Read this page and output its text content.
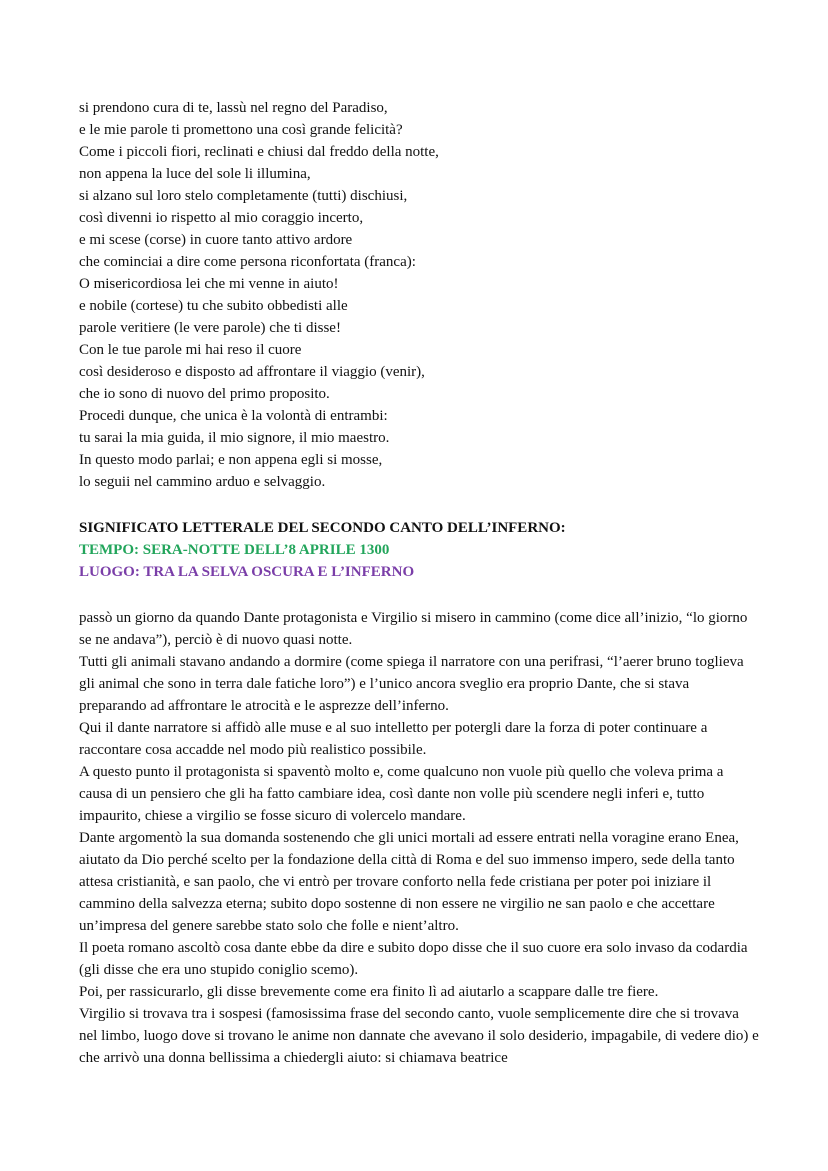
si prendono cura di te, lassù nel regno del Paradiso,

e le mie parole ti promettono una così grande felicità?

Come i piccoli fiori, reclinati e chiusi dal freddo della notte,

non appena la luce del sole li illumina,

si alzano sul loro stelo completamente (tutti) dischiusi,

così divenni io rispetto al mio coraggio incerto,

e mi scese (corse) in cuore tanto attivo ardore

che cominciai a dire come persona riconfortata (franca):

O misericordiosa lei che mi venne in aiuto!

e nobile (cortese) tu che subito obbedisti alle

parole veritiere (le vere parole) che ti disse!

Con le tue parole mi hai reso il cuore

così desideroso e disposto ad affrontare il viaggio (venir),

che io sono di nuovo del primo proposito.

Procedi dunque, che unica è la volontà di entrambi:

tu sarai la mia guida, il mio signore, il mio maestro.

In questo modo parlai; e non appena egli si mosse,

lo seguii nel cammino arduo e selvaggio.

SIGNIFICATO LETTERALE DEL SECONDO CANTO DELL’INFERNO:
TEMPO: SERA-NOTTE DELL’8 APRILE 1300
LUOGO: TRA LA SELVA OSCURA E L’INFERNO

passò un giorno da quando Dante protagonista e Virgilio si misero in cammino (come dice all’inizio, “lo giorno se ne andava”), perciò è di nuovo quasi notte.

Tutti gli animali stavano andando a dormire (come spiega il narratore con una perifrasi, “l’aerer bruno toglieva gli animal che sono in terra dale fatiche loro”) e l’unico ancora sveglio era proprio Dante, che si stava preparando ad affrontare le atrocità e le asprezze dell’inferno.

Qui il dante narratore si affidò alle muse e al suo intelletto per potergli dare la forza di poter continuare a raccontare cosa accadde nel modo più realistico possibile.

A questo punto il protagonista si spaventò molto e, come qualcuno non vuole più quello che voleva prima a causa di un pensiero che gli ha fatto cambiare idea, così dante non volle più scendere negli inferi e, tutto impaurito, chiese a virgilio se fosse sicuro di volercelo mandare.

Dante argomentò la sua domanda sostenendo che gli unici mortali ad essere entrati nella voragine erano Enea, aiutato da Dio perché scelto per la fondazione della città di Roma e del suo immenso impero, sede della tanto attesa cristianità, e san paolo, che vi entrò per trovare conforto nella fede cristiana per poter poi iniziare il cammino della salvezza eterna; subito dopo sostenne di non essere ne virgilio ne san paolo e che accettare un’impresa del genere sarebbe stato solo che folle e nient’altro.

Il poeta romano ascoltò cosa dante ebbe da dire e subito dopo disse che il suo cuore era solo invaso da codardia (gli disse che era uno stupido coniglio scemo).

Poi, per rassicurarlo, gli disse brevemente come era finito lì ad aiutarlo a scappare dalle tre fiere.

Virgilio si trovava tra i sospesi (famosissima frase del secondo canto, vuole semplicemente dire che si trovava nel limbo, luogo dove si trovano le anime non dannate che avevano il solo desiderio, impagabile, di vedere dio) e che arrivò una donna bellissima a chiedergli aiuto: si chiamava beatrice
